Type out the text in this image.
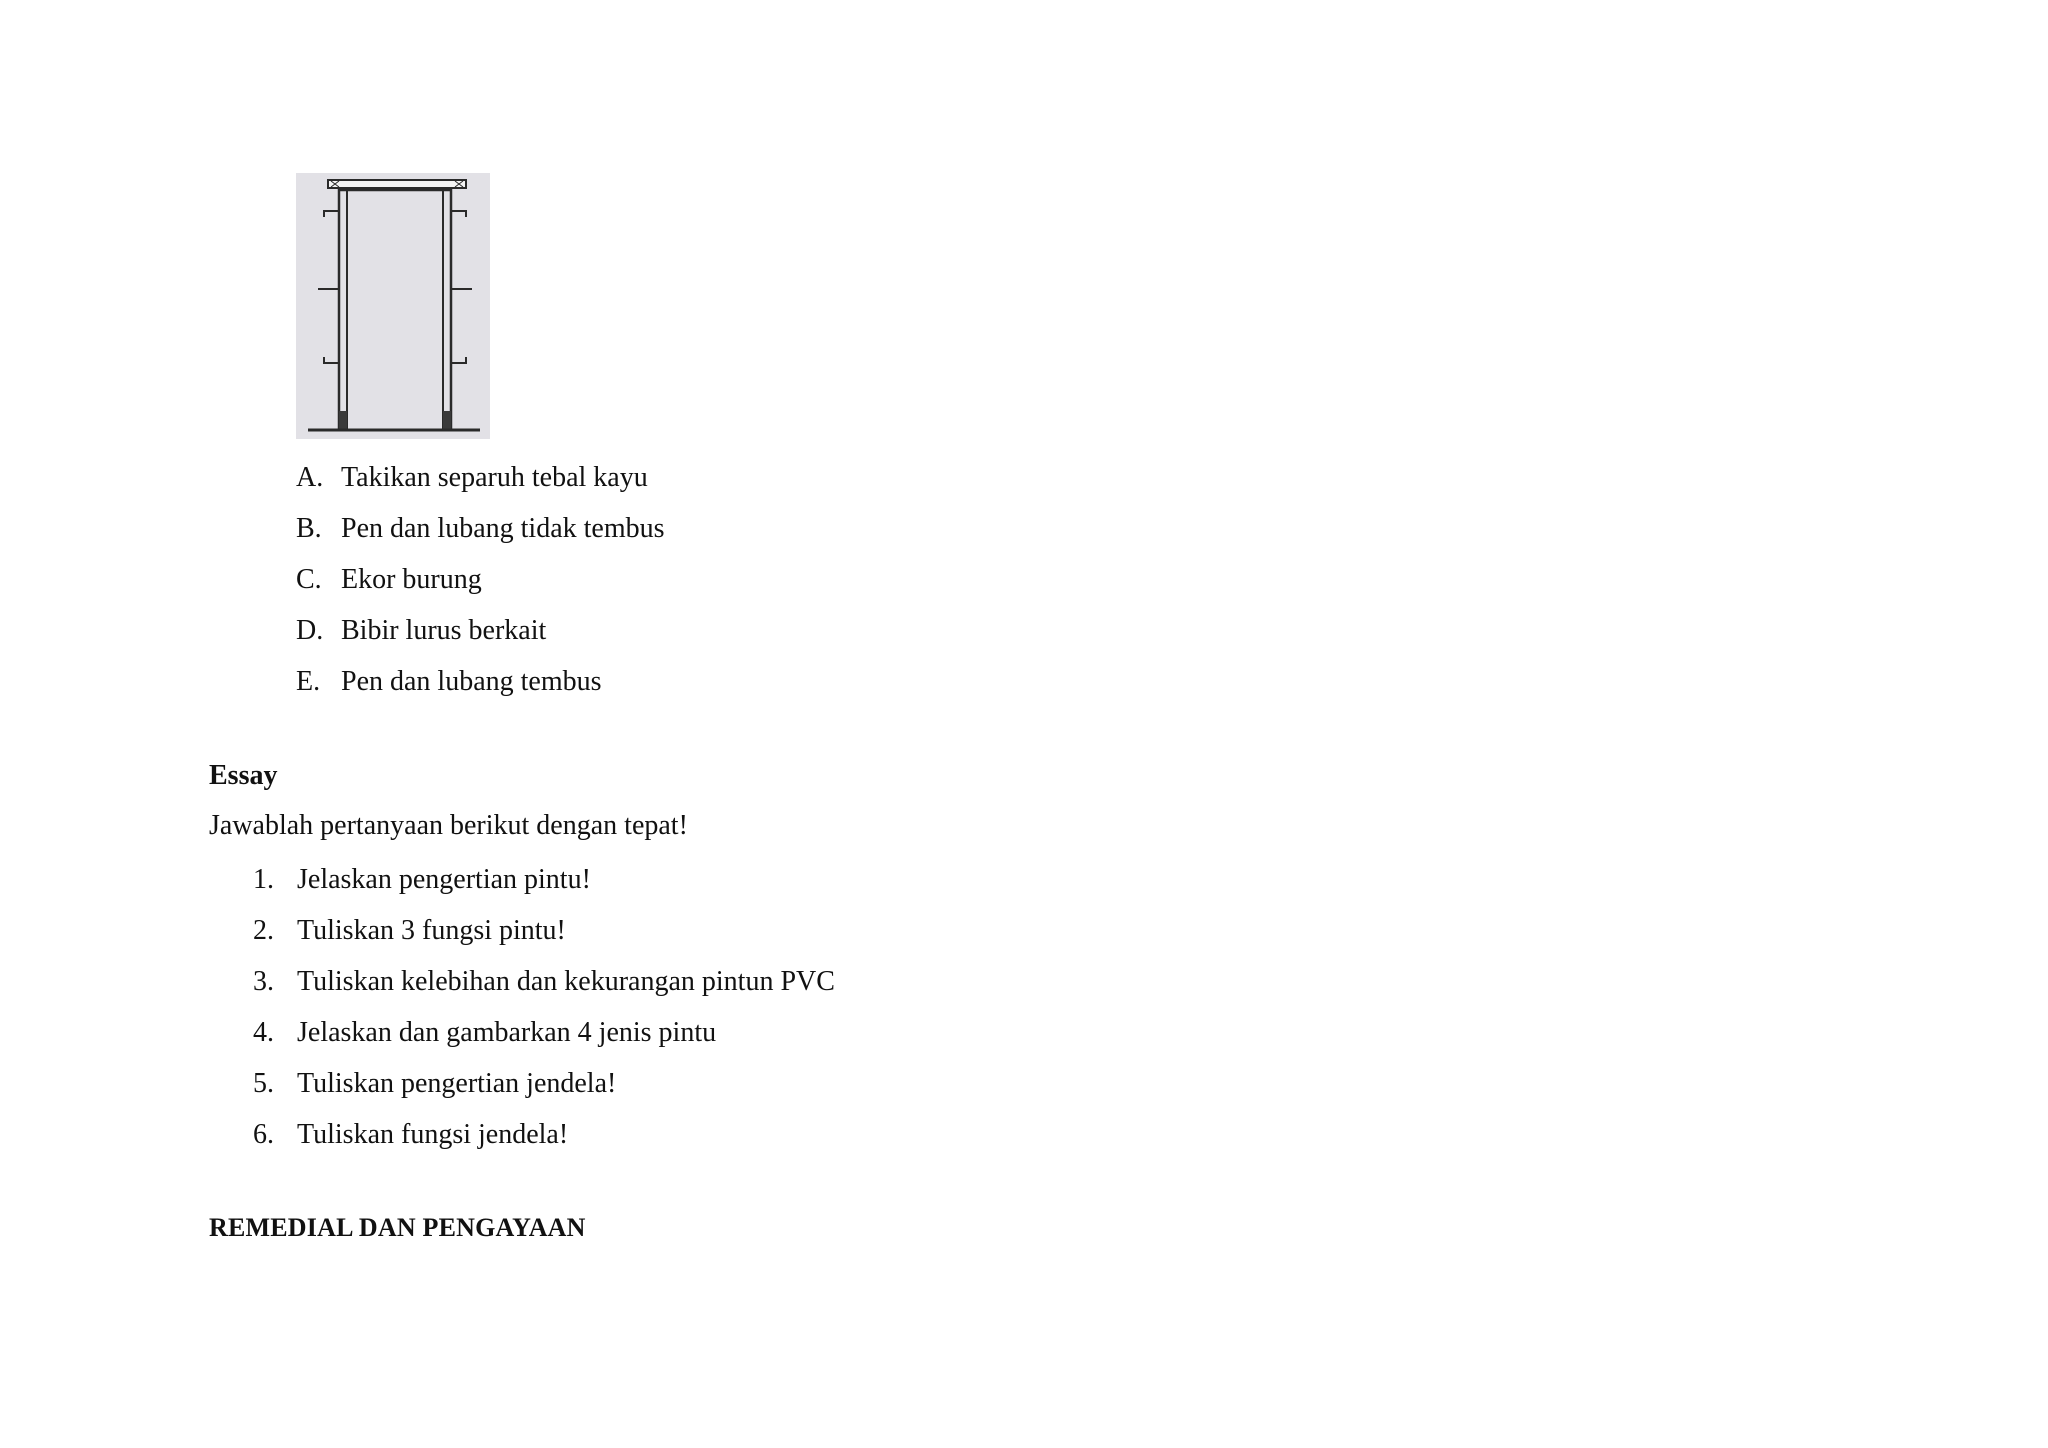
A. Takikan separuh tebal kayu
B. Pen dan lubang tidak tembus
C. Ekor burung
D. Bibir lurus berkait
E. Pen dan lubang tembus

Essay

Jawablah pertanyaan berikut dengan tepat!

1. Jelaskan pengertian pintu!
2. Tuliskan 3 fungsi pintu!
3. Tuliskan kelebihan dan kekurangan pintun PVC
4. Jelaskan dan gambarkan 4 jenis pintu
5. Tuliskan pengertian jendela!
6. Tuliskan fungsi jendela!

REMEDIAL DAN PENGAYAAN
